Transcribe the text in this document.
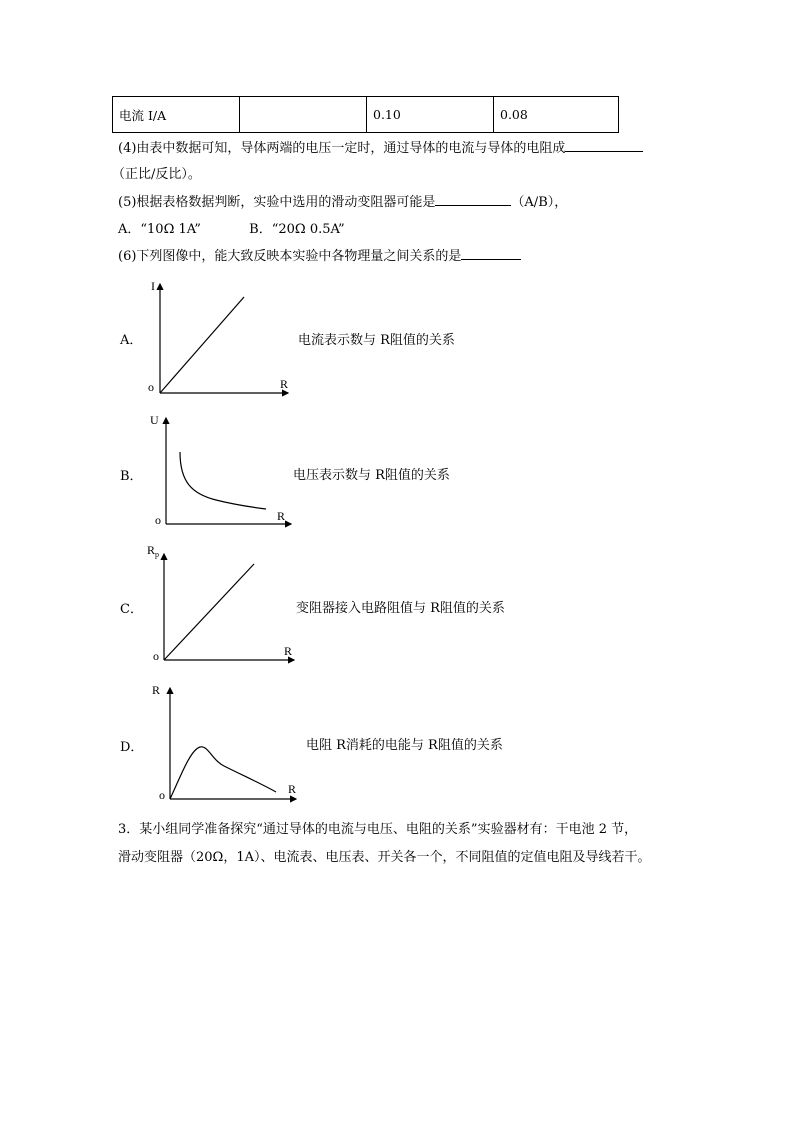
电流 I/A		0.10	0.08
(4)由表中数据可知，导体两端的电压一定时，通过导体的电流与导体的电阻成
（正比/反比）。
(5)根据表格数据判断，实验中选用的滑动变阻器可能是	（A/B），
A．“10Ω 1A”	B．“20Ω 0.5A”
(6)下列图像中，能大致反映本实验中各物理量之间关系的是
A．
I
R
o
电流表示数与 R阻值的关系
B．
U
R
o
电压表示数与 R阻值的关系
C．
$R_p$
R
o
变阻器接入电路阻值与 R阻值的关系
D．
R
R
o
电阻 R消耗的电能与 R阻值的关系
3．某小组同学准备探究“通过导体的电流与电压、电阻的关系”实验器材有：干电池 2 节，
滑动变阻器（20Ω，1A）、电流表、电压表、开关各一个，不同阻值的定值电阻及导线若干。
